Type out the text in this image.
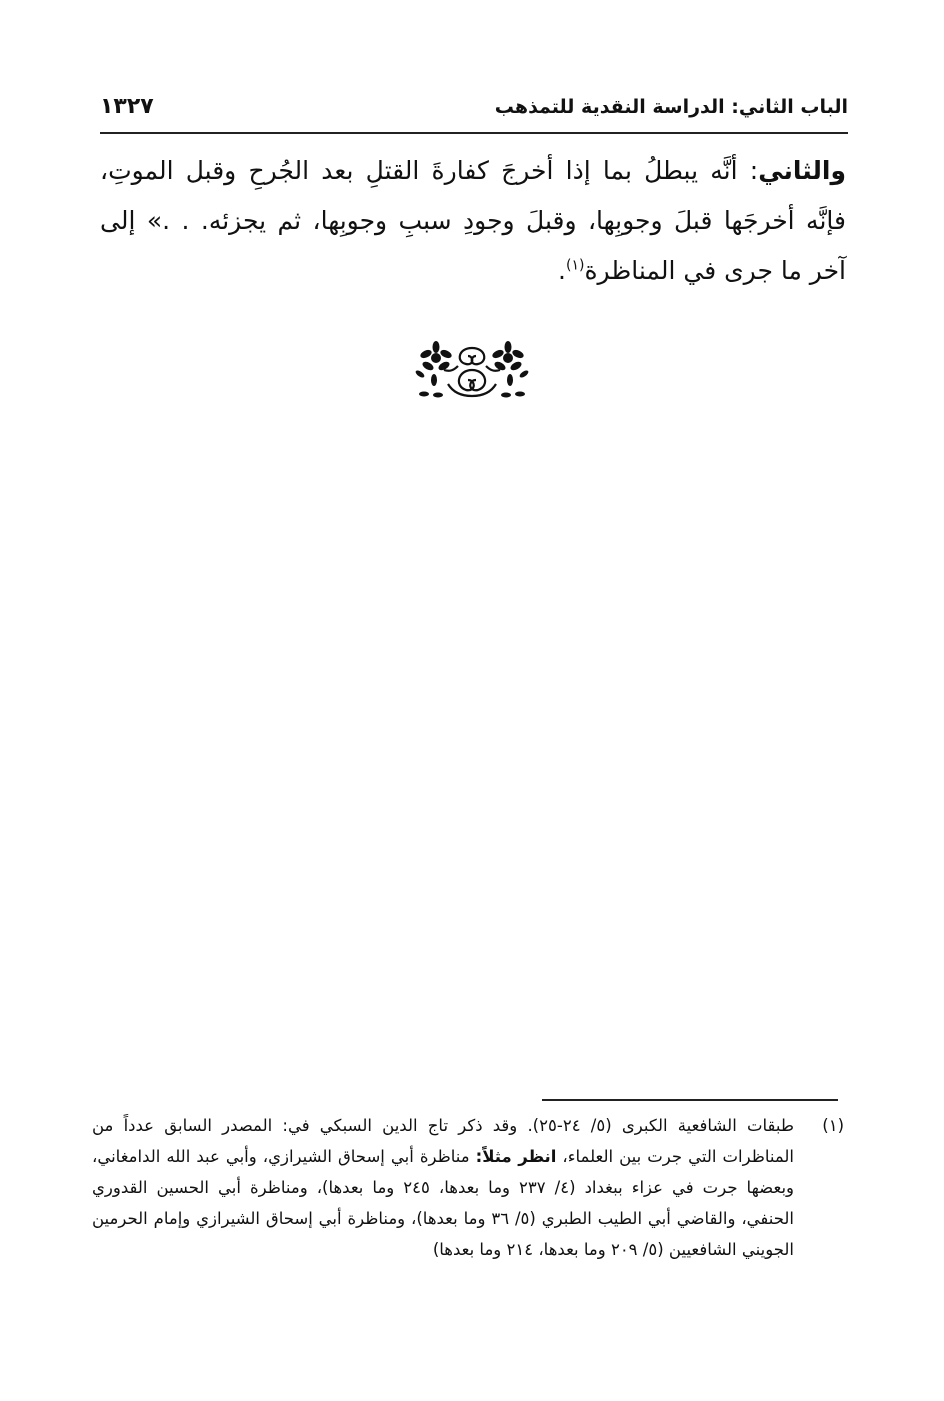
الباب الثاني: الدراسة النقدية للتمذهب
١٣٢٧
والثاني: أنَّه يبطلُ بما إذا أخرجَ كفارةَ القتلِ بعد الجُرحِ وقبل الموتِ، فإنَّه أخرجَها قبلَ وجوبِها، وقبلَ وجودِ سببِ وجوبِها، ثم يجزئه. . .» إلى آخر ما جرى في المناظرة$^{(١)}$.
(١)
طبقات الشافعية الكبرى (٥/ ٢٤-٢٥). وقد ذكر تاج الدين السبكي في: المصدر السابق عدداً من المناظرات التي جرت بين العلماء، انظر مثلاً: مناظرة أبي إسحاق الشيرازي، وأبي عبد الله الدامغاني، وبعضها جرت في عزاء ببغداد (٤/ ٢٣٧ وما بعدها، ٢٤٥ وما بعدها)، ومناظرة أبي الحسين القدوري الحنفي، والقاضي أبي الطيب الطبري (٥/ ٣٦ وما بعدها)، ومناظرة أبي إسحاق الشيرازي وإمام الحرمين الجويني الشافعيين (٥/ ٢٠٩ وما بعدها، ٢١٤ وما بعدها)
